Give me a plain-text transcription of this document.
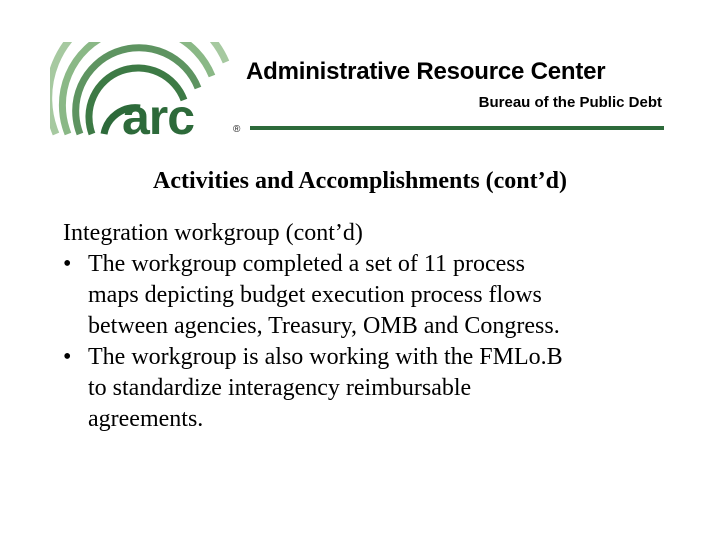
arc	®
Administrative Resource Center
Bureau of the Public Debt
Activities and Accomplishments (cont’d)
Integration workgroup (cont’d)
• The workgroup completed a set of 11 process
maps depicting budget execution process flows
between agencies, Treasury, OMB and Congress.
• The workgroup is also working with the FMLo.B
to standardize interagency reimbursable
agreements.
